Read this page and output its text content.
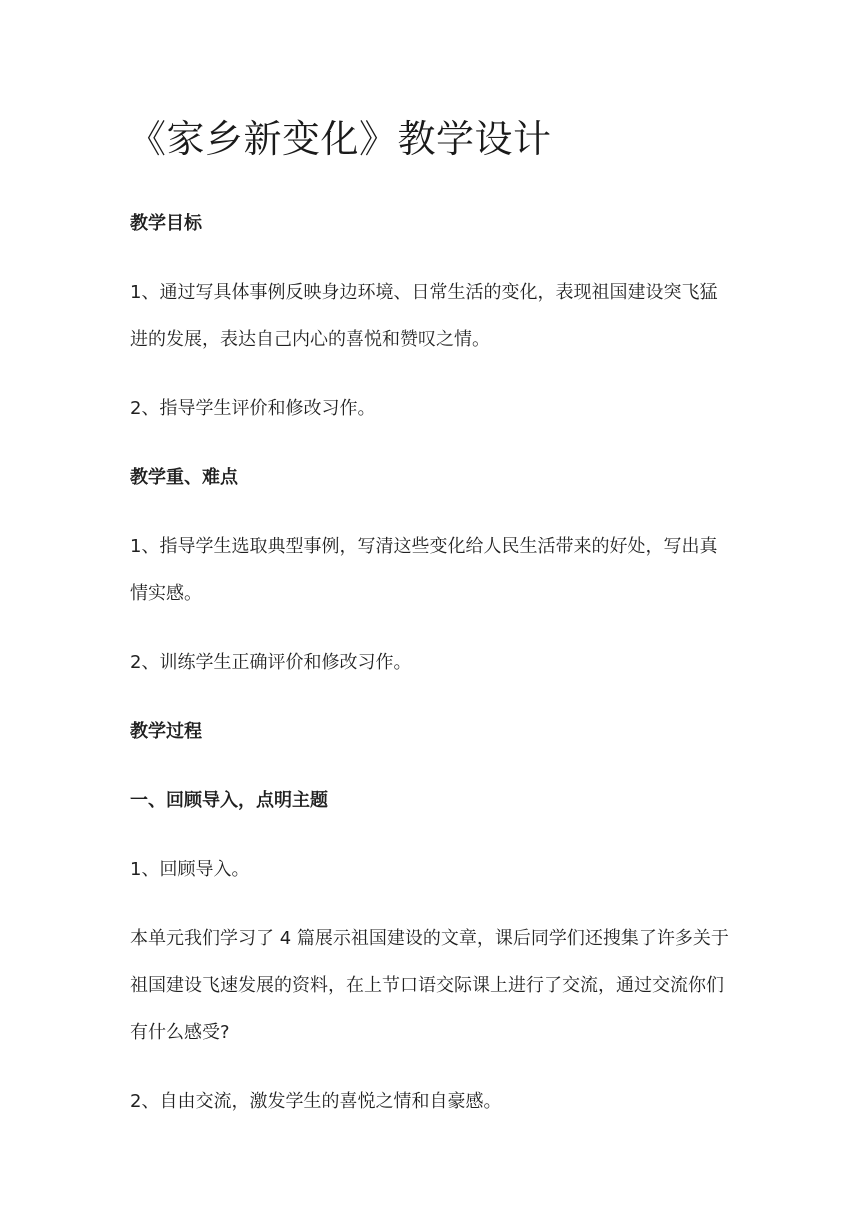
《家乡新变化》教学设计

教学目标

1、通过写具体事例反映身边环境、日常生活的变化，表现祖国建设突飞猛进的发展，表达自己内心的喜悦和赞叹之情。

2、指导学生评价和修改习作。

教学重、难点

1、指导学生选取典型事例，写清这些变化给人民生活带来的好处，写出真情实感。

2、训练学生正确评价和修改习作。

教学过程

一、回顾导入，点明主题

1、回顾导入。

本单元我们学习了 4 篇展示祖国建设的文章，课后同学们还搜集了许多关于祖国建设飞速发展的资料，在上节口语交际课上进行了交流，通过交流你们有什么感受?

2、自由交流，激发学生的喜悦之情和自豪感。
